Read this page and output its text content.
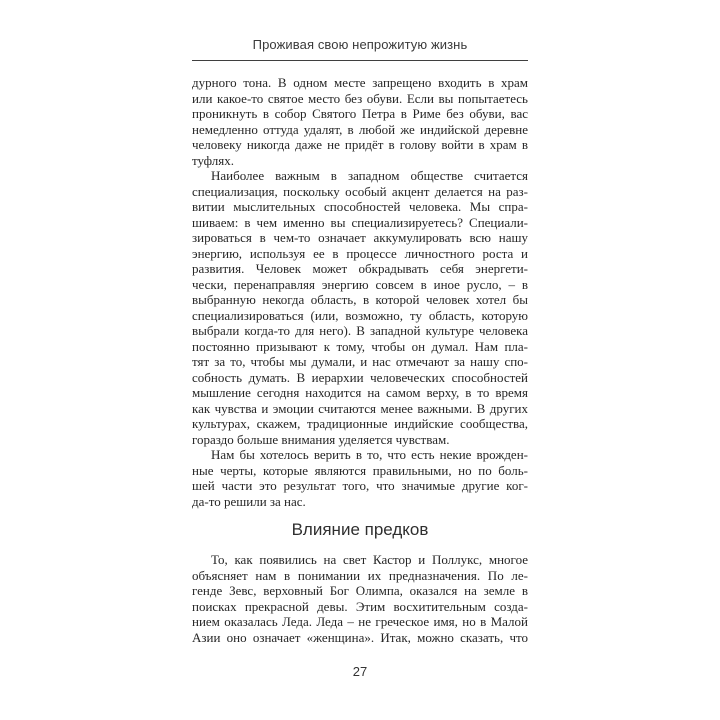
Проживая свою непрожитую жизнь
дурного тона. В одном месте запрещено входить в храм
или какое-то святое место без обуви. Если вы попытаетесь
проникнуть в собор Святого Петра в Риме без обуви, вас
немедленно оттуда удалят, в любой же индийской деревне
человеку никогда даже не придёт в голову войти в храм в
туфлях.
Наиболее важным в западном обществе считается
специализация, поскольку особый акцент делается на раз-
витии мыслительных способностей человека. Мы спра-
шиваем: в чем именно вы специализируетесь? Специали-
зироваться в чем-то означает аккумулировать всю нашу
энергию, используя ее в процессе личностного роста и
развития. Человек может обкрадывать себя энергети-
чески, перенаправляя энергию совсем в иное русло, – в
выбранную некогда область, в которой человек хотел бы
специализироваться (или, возможно, ту область, которую
выбрали когда-то для него). В западной культуре человека
постоянно призывают к тому, чтобы он думал. Нам пла-
тят за то, чтобы мы думали, и нас отмечают за нашу спо-
собность думать. В иерархии человеческих способностей
мышление сегодня находится на самом верху, в то время
как чувства и эмоции считаются менее важными. В других
культурах, скажем, традиционные индийские сообщества,
гораздо больше внимания уделяется чувствам.
Нам бы хотелось верить в то, что есть некие врожден-
ные черты, которые являются правильными, но по боль-
шей части это результат того, что значимые другие ког-
да-то решили за нас.
Влияние предков
То, как появились на свет Кастор и Поллукс, многое
объясняет нам в понимании их предназначения. По ле-
генде Зевс, верховный Бог Олимпа, оказался на земле в
поисках прекрасной девы. Этим восхитительным созда-
нием оказалась Леда. Леда – не греческое имя, но в Малой
Азии оно означает «женщина». Итак, можно сказать, что
27
